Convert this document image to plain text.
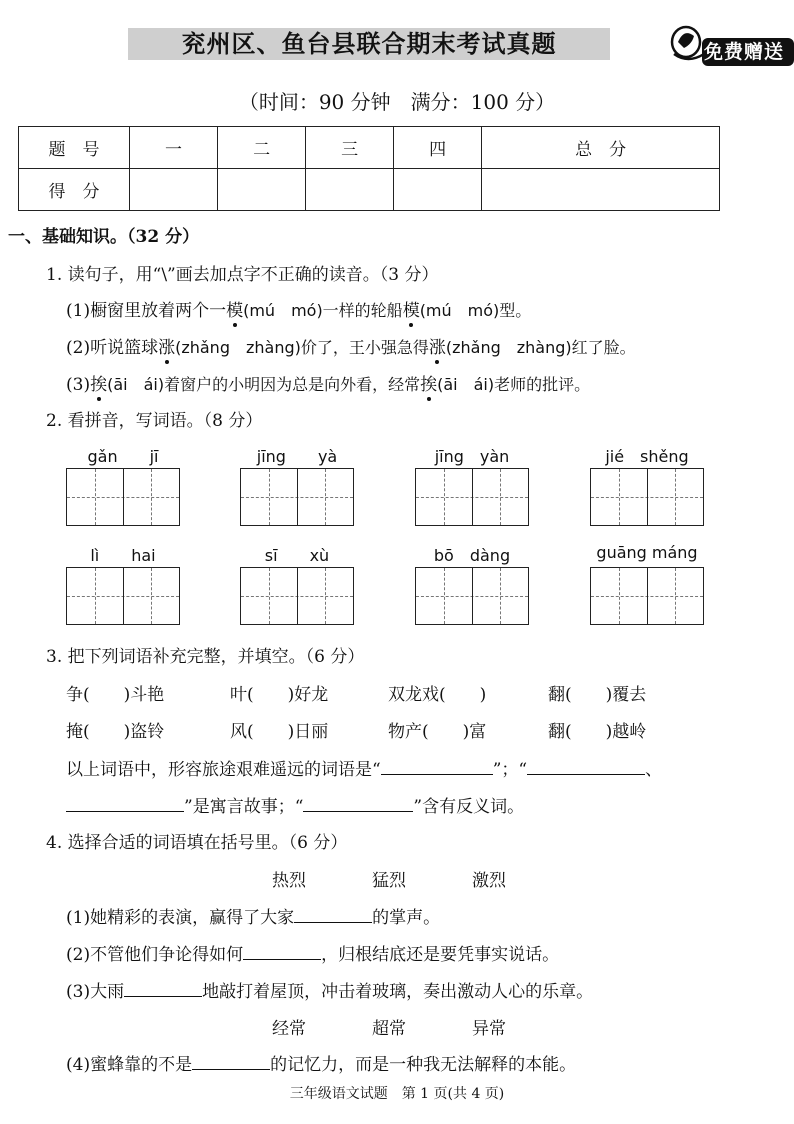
兖州区、鱼台县联合期末考试真题	免费赠送
（时间：90 分钟　满分：100 分）
题　号	一	二	三	四	总　分
得　分					
一、基础知识。（32 分）
1. 读句子，用“\”画去加点字不正确的读音。（3 分）
(1)橱窗里放着两个一模(mú　mó)一样的轮船模(mú　mó)型。
(2)听说篮球涨(zhǎng　zhàng)价了，王小强急得涨(zhǎng　zhàng)红了脸。
(3)挨(āi　ái)着窗户的小明因为总是向外看，经常挨(āi　ái)老师的批评。
2. 看拼音，写词语。（8 分）
gǎn　　jī	jīng　　yà	jīng　yàn	jié　shěng
lì　　hai	sī　　xù	bō　dàng	guāng máng
3. 把下列词语补充完整，并填空。（6 分）
争(　　)斗艳	叶(　　)好龙	双龙戏(　　)	翻(　　)覆去
掩(　　)盗铃	风(　　)日丽	物产(　　)富	翻(　　)越岭
以上词语中，形容旅途艰难遥远的词语是“	”；“	、
”是寓言故事；“	”含有反义词。
4. 选择合适的词语填在括号里。（6 分）
热烈	猛烈	激烈
(1)她精彩的表演，赢得了大家	的掌声。
(2)不管他们争论得如何	，归根结底还是要凭事实说话。
(3)大雨	地敲打着屋顶，冲击着玻璃，奏出激动人心的乐章。
经常	超常	异常
(4)蜜蜂靠的不是	的记忆力，而是一种我无法解释的本能。
三年级语文试题　第 1 页(共 4 页)
